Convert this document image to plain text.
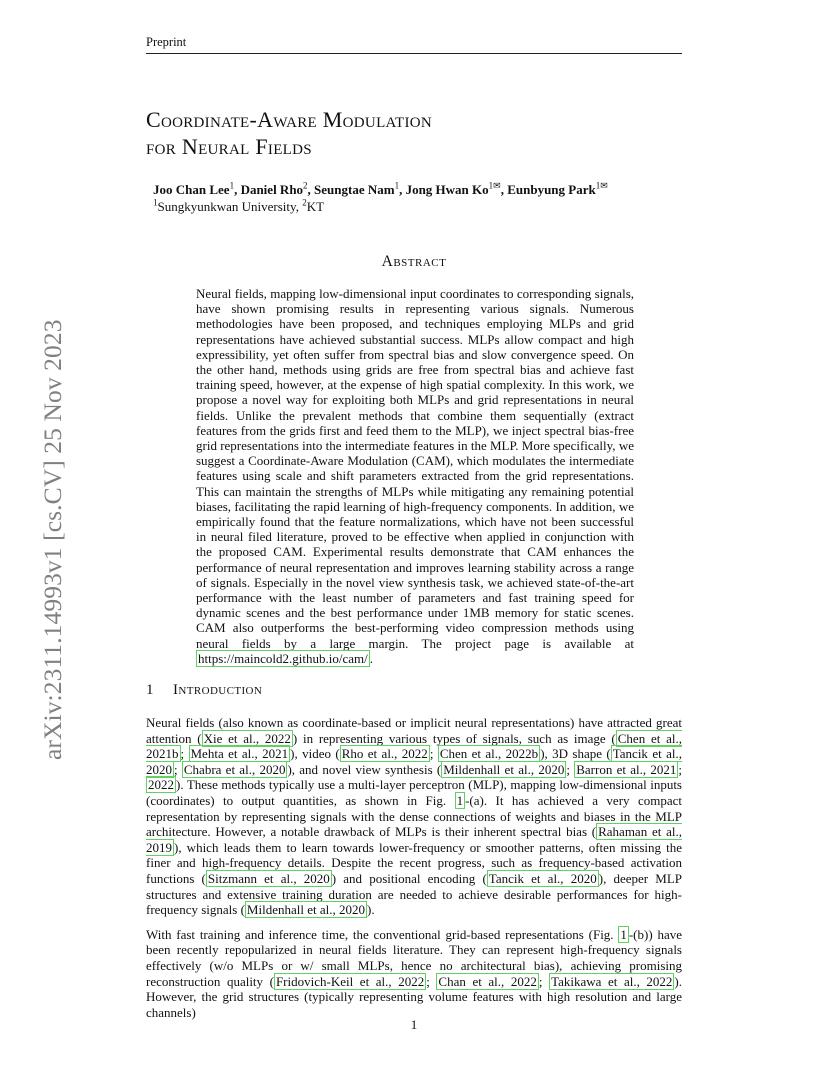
Preprint
arXiv:2311.14993v1 [cs.CV] 25 Nov 2023
Coordinate-Aware Modulation
for Neural Fields
Joo Chan Lee$^1$, Daniel Rho$^2$, Seungtae Nam$^1$, Jong Hwan $Ko^{1✉}$, Eunbyung Park$^{1✉}$
$^1$Sungkyunkwan University, $^2$KT
Abstract
Neural fields, mapping low-dimensional input coordinates to corresponding signals, have shown promising results in representing various signals. Numerous methodologies have been proposed, and techniques employing MLPs and grid representations have achieved substantial success. MLPs allow compact and high expressibility, yet often suffer from spectral bias and slow convergence speed. On the other hand, methods using grids are free from spectral bias and achieve fast training speed, however, at the expense of high spatial complexity. In this work, we propose a novel way for exploiting both MLPs and grid representations in neural fields. Unlike the prevalent methods that combine them sequentially (extract features from the grids first and feed them to the MLP), we inject spectral bias-free grid representations into the intermediate features in the MLP. More specifically, we suggest a Coordinate-Aware Modulation (CAM), which modulates the intermediate features using scale and shift parameters extracted from the grid representations. This can maintain the strengths of MLPs while mitigating any remaining potential biases, facilitating the rapid learning of high-frequency components. In addition, we empirically found that the feature normalizations, which have not been successful in neural filed literature, proved to be effective when applied in conjunction with the proposed CAM. Experimental results demonstrate that CAM enhances the performance of neural representation and improves learning stability across a range of signals. Especially in the novel view synthesis task, we achieved state-of-the-art performance with the least number of parameters and fast training speed for dynamic scenes and the best performance under 1MB memory for static scenes. CAM also outperforms the best-performing video compression methods using neural fields by a large margin. The project page is available at https://maincold2.github.io/cam/ .
1 Introduction

Neural fields (also known as coordinate-based or implicit neural representations) have attracted great attention ( Xie et al., 2022 ) in representing various types of signals, such as image ( Chen et al., 2021b ; Mehta et al., 2021 ), video ( Rho et al., 2022 ; Chen et al., 2022b ), 3D shape ( Tancik et al., 2020 ; Chabra et al., 2020 ), and novel view synthesis ( Mildenhall et al., 2020 ; Barron et al., 2021 ; 2022 ). These methods typically use a multi-layer perceptron (MLP), mapping low-dimensional inputs (coordinates) to output quantities, as shown in Fig. 1 -(a). It has achieved a very compact representation by representing signals with the dense connections of weights and biases in the MLP architecture. However, a notable drawback of MLPs is their inherent spectral bias ( Rahaman et al., 2019 ), which leads them to learn towards lower-frequency or smoother patterns, often missing the finer and high-frequency details. Despite the recent progress, such as frequency-based activation functions ( Sitzmann et al., 2020 ) and positional encoding ( Tancik et al., 2020 ), deeper MLP structures and extensive training duration are needed to achieve desirable performances for high-frequency signals ( Mildenhall et al., 2020 ).

With fast training and inference time, the conventional grid-based representations (Fig. 1 -(b)) have been recently repopularized in neural fields literature. They can represent high-frequency signals effectively (w/o MLPs or w/ small MLPs, hence no architectural bias), achieving promising reconstruction quality ( Fridovich-Keil et al., 2022 ; Chan et al., 2022 ; Takikawa et al., 2022 ). However, the grid structures (typically representing volume features with high resolution and large channels)

1
